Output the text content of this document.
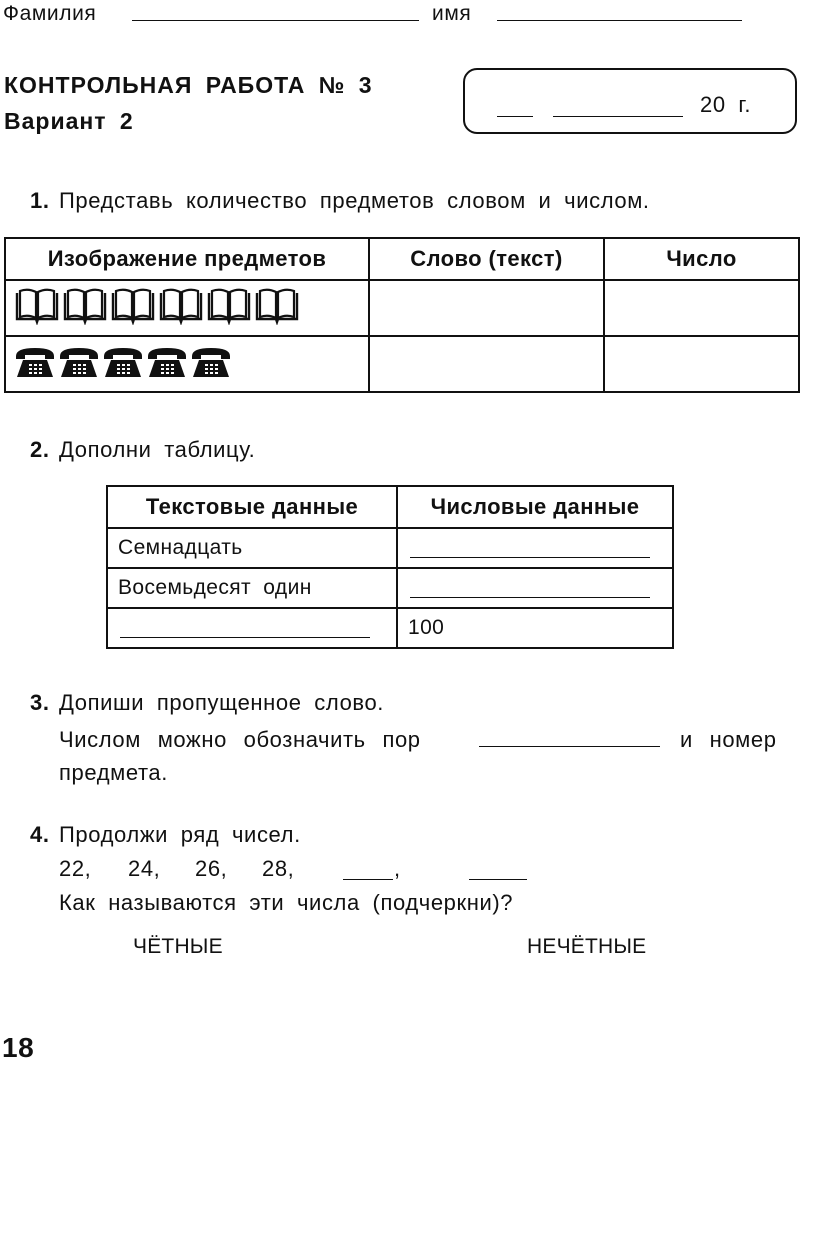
Фамилия	имя
КОНТРОЛЬНАЯ РАБОТА № 3
Вариант 2
20 г.
1. Представь количество предметов словом и числом.
Изображение предметов	Слово (текст)	Число

2. Дополни таблицу.
Текстовые данные	Числовые данные
Семнадцать	

Восемьдесят один	

	100
3. Допиши пропущенное слово.
Числом можно обозначить пор	и номер
предмета.
4. Продолжи ряд чисел.
22, 24, 26, 28,	,
Как называются эти числа (подчеркни)?
ЧЁТНЫЕ	НЕЧЁТНЫЕ
18
